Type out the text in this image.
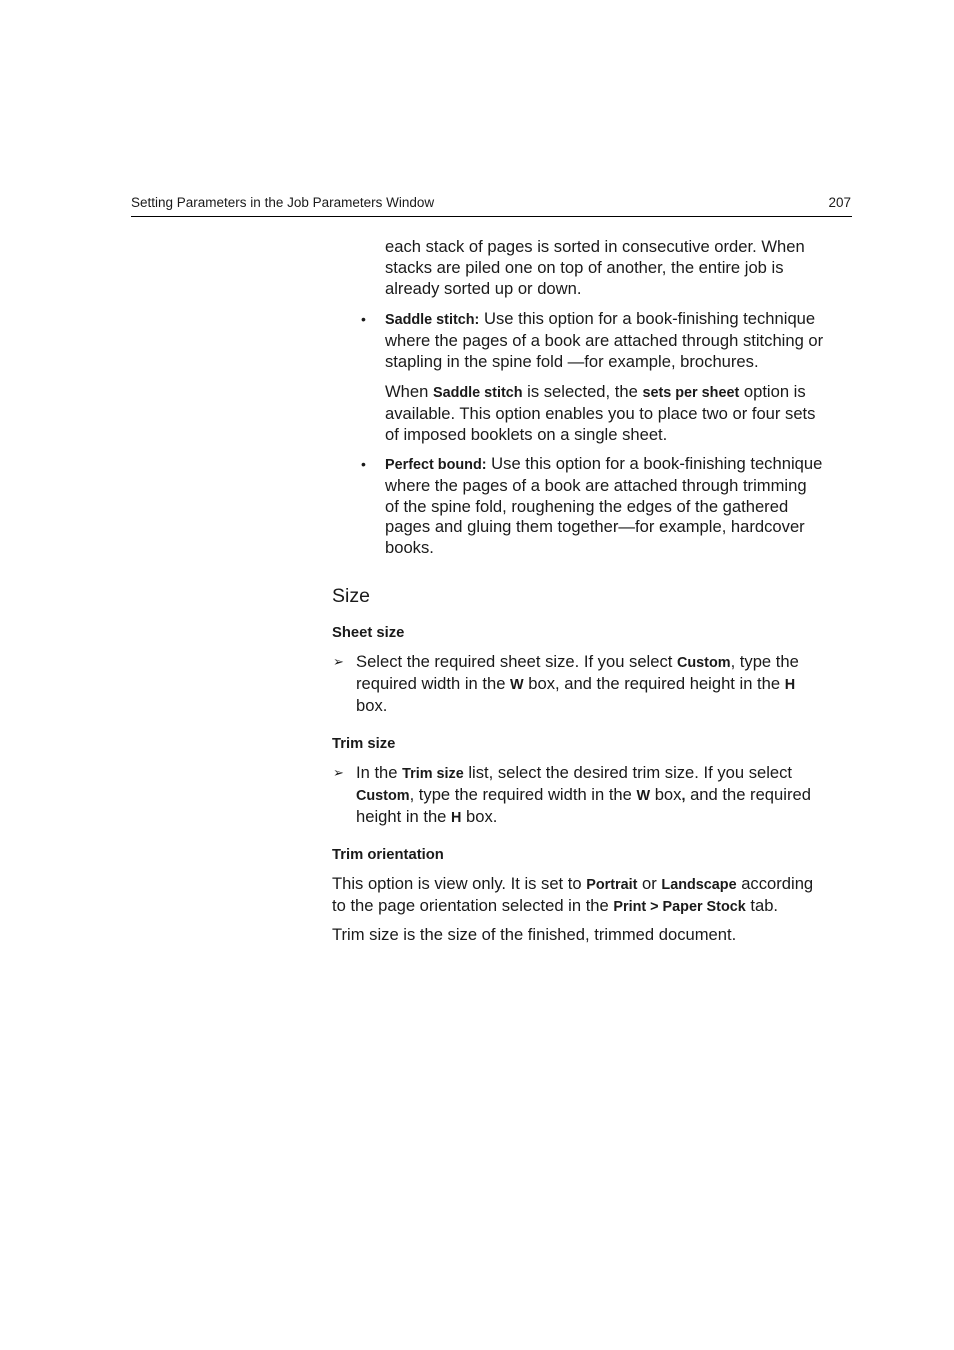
Setting Parameters in the Job Parameters Window	207
each stack of pages is sorted in consecutive order. When
stacks are piled one on top of another, the entire job is
already sorted up or down.
• Saddle stitch: Use this option for a book-finishing technique
where the pages of a book are attached through stitching or
stapling in the spine fold —for example, brochures.
When Saddle stitch is selected, the sets per sheet option is
available. This option enables you to place two or four sets
of imposed booklets on a single sheet.
• Perfect bound: Use this option for a book-finishing technique
where the pages of a book are attached through trimming
of the spine fold, roughening the edges of the gathered
pages and gluing them together—for example, hardcover
books.
Size
Sheet size
➢ Select the required sheet size. If you select Custom, type the
required width in the W box, and the required height in the H
box.
Trim size
➢ In the Trim size list, select the desired trim size. If you select
Custom, type the required width in the W box, and the required
height in the H box.
Trim orientation
This option is view only. It is set to Portrait or Landscape according
to the page orientation selected in the Print > Paper Stock tab.
Trim size is the size of the finished, trimmed document.
